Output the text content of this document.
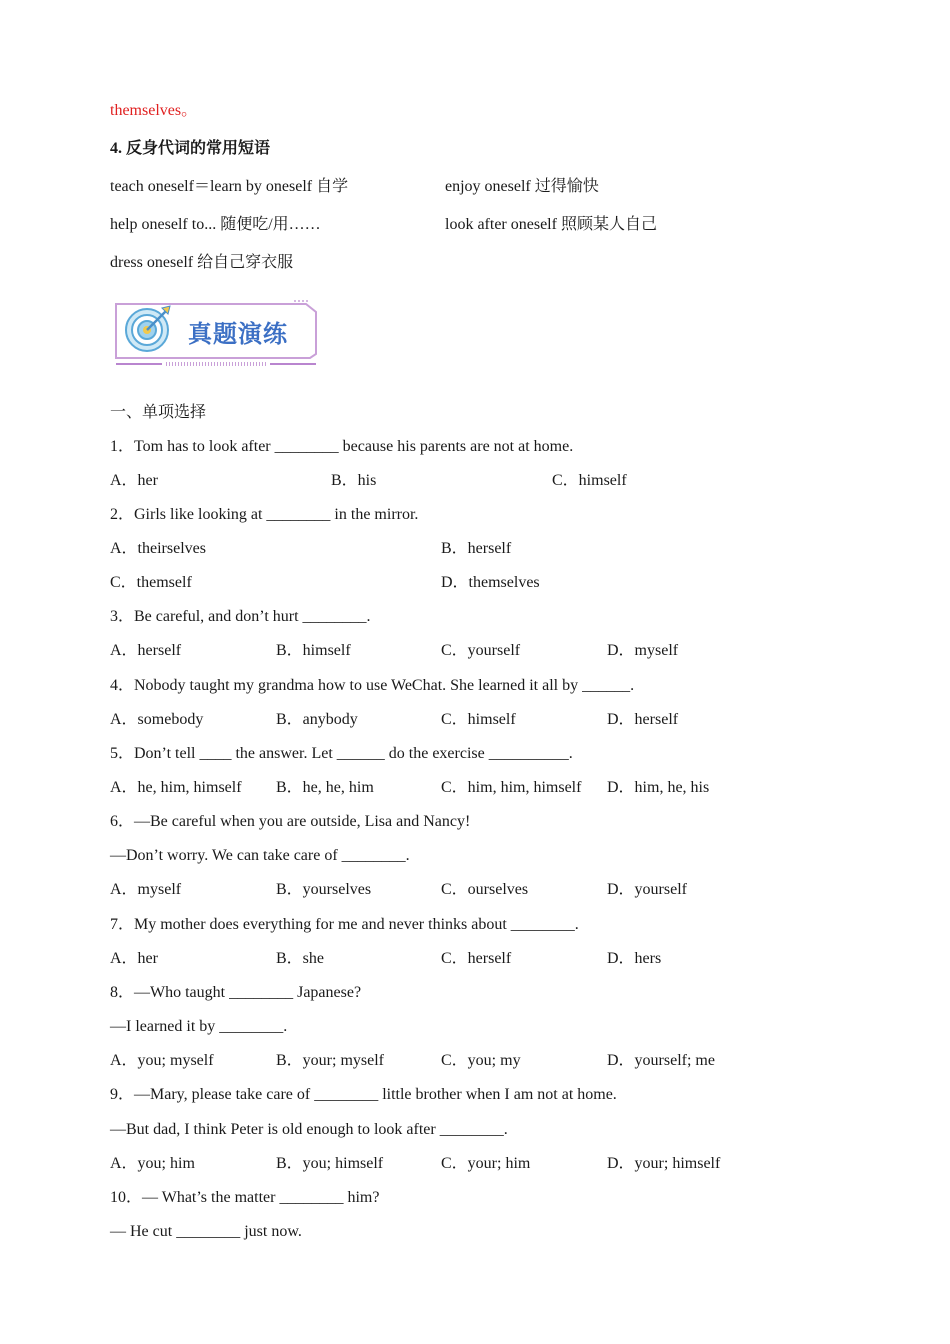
themselves。
4. 反身代词的常用短语
teach oneself＝learn by oneself 自学	enjoy oneself 过得愉快
help oneself to... 随便吃/用……	look after oneself 照顾某人自己
dress oneself 给自己穿衣服
真题演练
一、单项选择
1．Tom has to look after ________ because his parents are not at home.
A．her	B．his	C．himself
2．Girls like looking at ________ in the mirror.
A．theirselves	B．herself
C．themself	D．themselves
3．Be careful, and don’t hurt ________.
A．herself	B．himself	C．yourself	D．myself
4．Nobody taught my grandma how to use WeChat. She learned it all by ______.
A．somebody	B．anybody	C．himself	D．herself
5．Don’t tell ____ the answer. Let ______ do the exercise __________.
A．he, him, himself B．he, he, him	C．him, him, himself D．him, he, his
6．—Be careful when you are outside, Lisa and Nancy!
—Don’t worry. We can take care of ________.
A．myself	B．yourselves	C．ourselves	D．yourself
7．My mother does everything for me and never thinks about ________.
A．her	B．she	C．herself	D．hers
8．—Who taught ________ Japanese?
—I learned it by ________.
A．you; myself	B．your; myself	C．you; my	D．yourself; me
9．—Mary, please take care of ________ little brother when I am not at home.
—But dad, I think Peter is old enough to look after ________.
A．you; him	B．you; himself	C．your; him	D．your; himself
10．— What’s the matter ________ him?
— He cut ________ just now.
